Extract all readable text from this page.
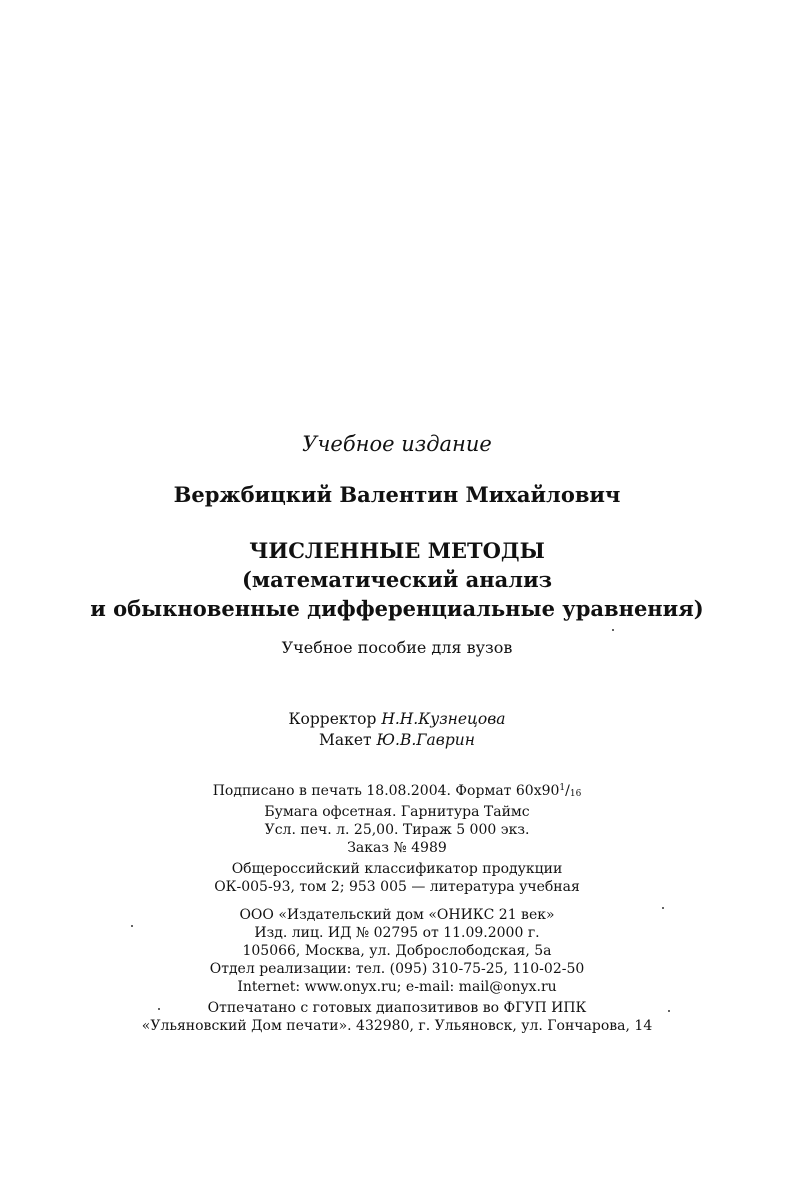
Учебное издание
Вержбицкий Валентин Михайлович
ЧИСЛЕННЫЕ МЕТОДЫ
(математический анализ
и обыкновенные дифференциальные уравнения)
Учебное пособие для вузов
Корректор Н.Н.Кузнецова
Макет Ю.В.Гаврин
Подписано в печать 18.08.2004. Формат $60х90^1/16$
Бумага офсетная. Гарнитура Таймс
Усл. печ. л. 25,00. Тираж 5 000 экз.
Заказ № 4989
Общероссийский классификатор продукции
ОК-005-93, том 2; 953 005 — литература учебная
ООО «Издательский дом «ОНИКС 21 век»
Изд. лиц. ИД № 02795 от 11.09.2000 г.
105066, Москва, ул. Доброслободская, 5а
Отдел реализации: тел. (095) 310-75-25, 110-02-50
Internet: www.onyx.ru; e-mail: mail@onyx.ru
Отпечатано с готовых диапозитивов во ФГУП ИПК
«Ульяновский Дом печати». 432980, г. Ульяновск, ул. Гончарова, 14
